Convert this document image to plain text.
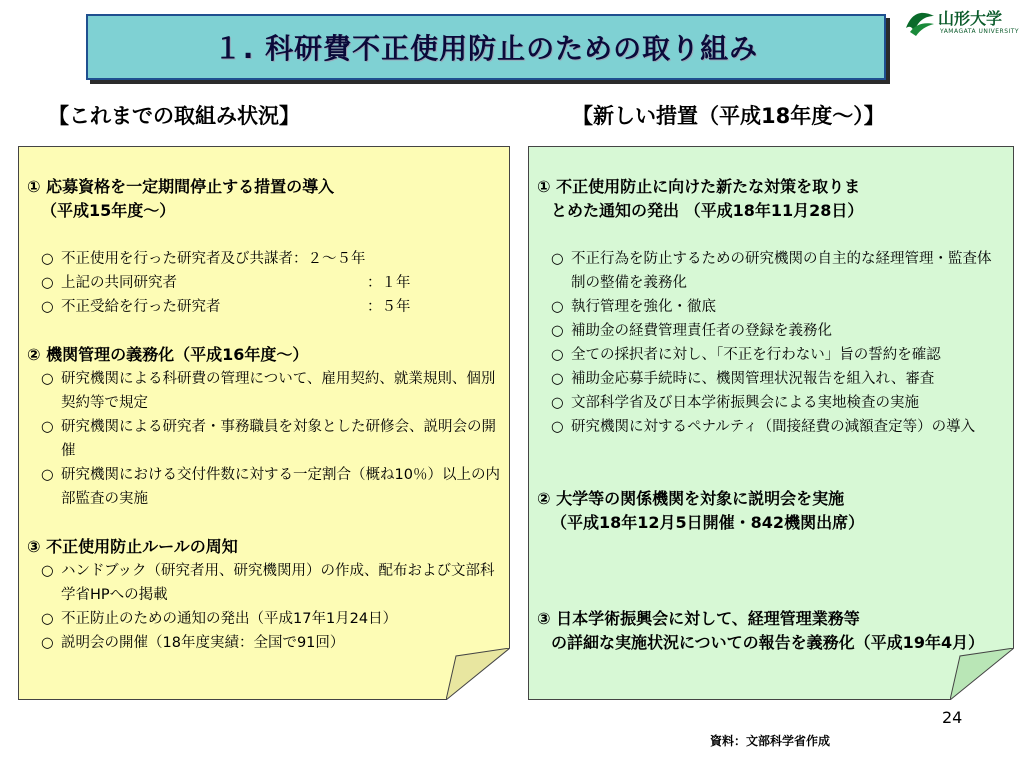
１. 科研費不正使用防止のための取り組み
山形大学
YAMAGATA UNIVERSITY
【これまでの取組み状況】	【新しい措置（平成18年度～）】

① 応募資格を一定期間停止する措置の導入

（平成15年度～）

○ 不正使用を行った研究者及び共謀者：２～５年
○ 上記の共同研究者	：１年
○ 不正受給を行った研究者	：５年
② 機関管理の義務化（平成16年度～）
○ 研究機関による科研費の管理について、雇用契約、就業規則、個別契約等で規定
○ 研究機関による研究者・事務職員を対象とした研修会、説明会の開催
○ 研究機関における交付件数に対する一定割合（概ね10％）以上の内部監査の実施
③ 不正使用防止ルールの周知
○ ハンドブック（研究者用、研究機関用）の作成、配布および文部科学省HPへの掲載
○ 不正防止のための通知の発出（平成17年1月24日）
○ 説明会の開催（18年度実績：全国で91回）

① 不正使用防止に向けた新たな対策を取りま

とめた通知の発出 （平成18年11月28日）

○ 不正行為を防止するための研究機関の自主的な経理管理・監査体制の整備を義務化
○ 執行管理を強化・徹底
○ 補助金の経費管理責任者の登録を義務化
○ 全ての採択者に対し、「不正を行わない」旨の誓約を確認
○ 補助金応募手続時に、機関管理状況報告を組入れ、審査
○ 文部科学省及び日本学術振興会による実地検査の実施
○ 研究機関に対するペナルティ（間接経費の減額査定等）の導入

② 大学等の関係機関を対象に説明会を実施

（平成18年12月5日開催・842機関出席）

③ 日本学術振興会に対して、経理管理業務等

の詳細な実施状況についての報告を義務化（平成19年4月）

24
資料：文部科学省作成
